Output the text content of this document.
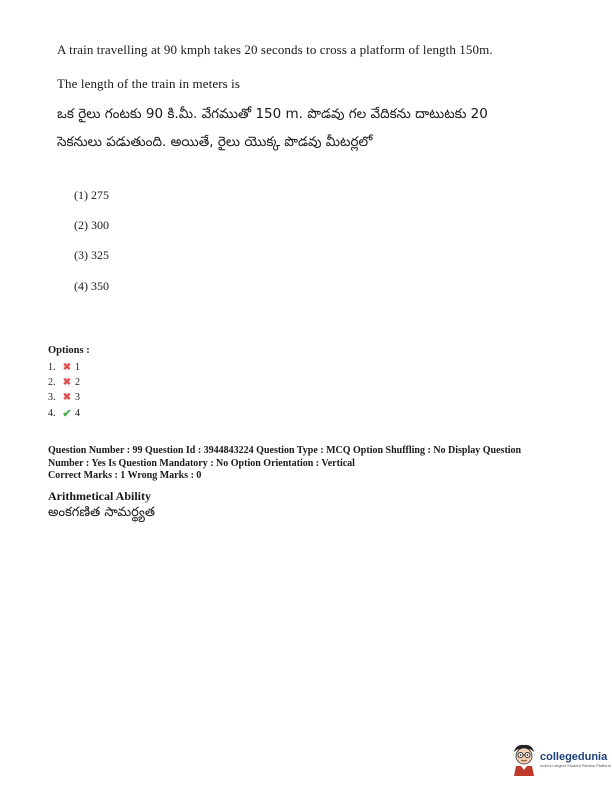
A train travelling at 90 kmph takes 20 seconds to cross a platform of length 150m.
The length of the train in meters is
ఒక రైలు గంటకు 90 కి.మీ. వేగముతో 150 m. పొడవు గల వేదికను దాటుటకు 20
సెకనులు పడుతుంది. అయితే, రైలు యొక్క పొడవు మీటర్లలో
(1) 275
(2) 300
(3) 325
(4) 350
Options :
1. ✖ 1
2. ✖ 2
3. ✖ 3
4. ✔ 4
Question Number : 99 Question Id : 3944843224 Question Type : MCQ Option Shuffling : No Display Question
Number : Yes Is Question Mandatory : No Option Orientation : Vertical
Correct Marks : 1 Wrong Marks : 0
Arithmetical Ability
అంకగణిత సామర్థ్యత
collegedunia
India's Largest Student Review Platform
